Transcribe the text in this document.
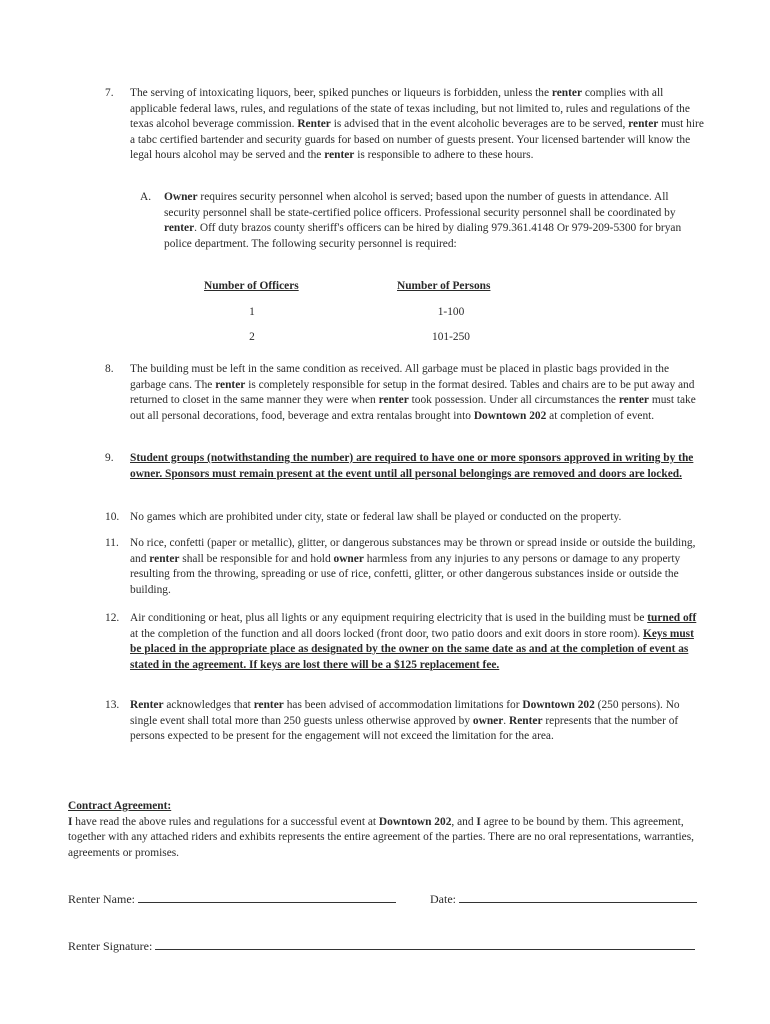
7. The serving of intoxicating liquors, beer, spiked punches or liqueurs is forbidden, unless the renter complies with all applicable federal laws, rules, and regulations of the state of texas including, but not limited to, rules and regulations of the texas alcohol beverage commission. Renter is advised that in the event alcoholic beverages are to be served, renter must hire a tabc certified bartender and security guards for based on number of guests present. Your licensed bartender will know the legal hours alcohol may be served and the renter is responsible to adhere to these hours.
A. Owner requires security personnel when alcohol is served; based upon the number of guests in attendance. All security personnel shall be state-certified police officers. Professional security personnel shall be coordinated by renter. Off duty brazos county sheriff's officers can be hired by dialing 979.361.4148 Or 979-209-5300 for bryan police department. The following security personnel is required:
Number of Officers	Number of Persons
1	1-100
2	101-250
8. The building must be left in the same condition as received. All garbage must be placed in plastic bags provided in the garbage cans. The renter is completely responsible for setup in the format desired. Tables and chairs are to be put away and returned to closet in the same manner they were when renter took possession. Under all circumstances the renter must take out all personal decorations, food, beverage and extra rentalas brought into Downtown 202 at completion of event.
9. Student groups (notwithstanding the number) are required to have one or more sponsors approved in writing by the owner. Sponsors must remain present at the event until all personal belongings are removed and doors are locked.
10. No games which are prohibited under city, state or federal law shall be played or conducted on the property.
11. No rice, confetti (paper or metallic), glitter, or dangerous substances may be thrown or spread inside or outside the building, and renter shall be responsible for and hold owner harmless from any injuries to any persons or damage to any property resulting from the throwing, spreading or use of rice, confetti, glitter, or other dangerous substances inside or outside the building.
12. Air conditioning or heat, plus all lights or any equipment requiring electricity that is used in the building must be turned off at the completion of the function and all doors locked (front door, two patio doors and exit doors in store room). Keys must be placed in the appropriate place as designated by the owner on the same date as and at the completion of event as stated in the agreement. If keys are lost there will be a $125 replacement fee.
13. Renter acknowledges that renter has been advised of accommodation limitations for Downtown 202 (250 persons). No single event shall total more than 250 guests unless otherwise approved by owner. Renter represents that the number of persons expected to be present for the engagement will not exceed the limitation for the area.
Contract Agreement:
I have read the above rules and regulations for a successful event at Downtown 202, and I agree to be bound by them. This agreement, together with any attached riders and exhibits represents the entire agreement of the parties. There are no oral representations, warranties, agreements or promises.
Renter Name:	Date:
Renter Signature:
